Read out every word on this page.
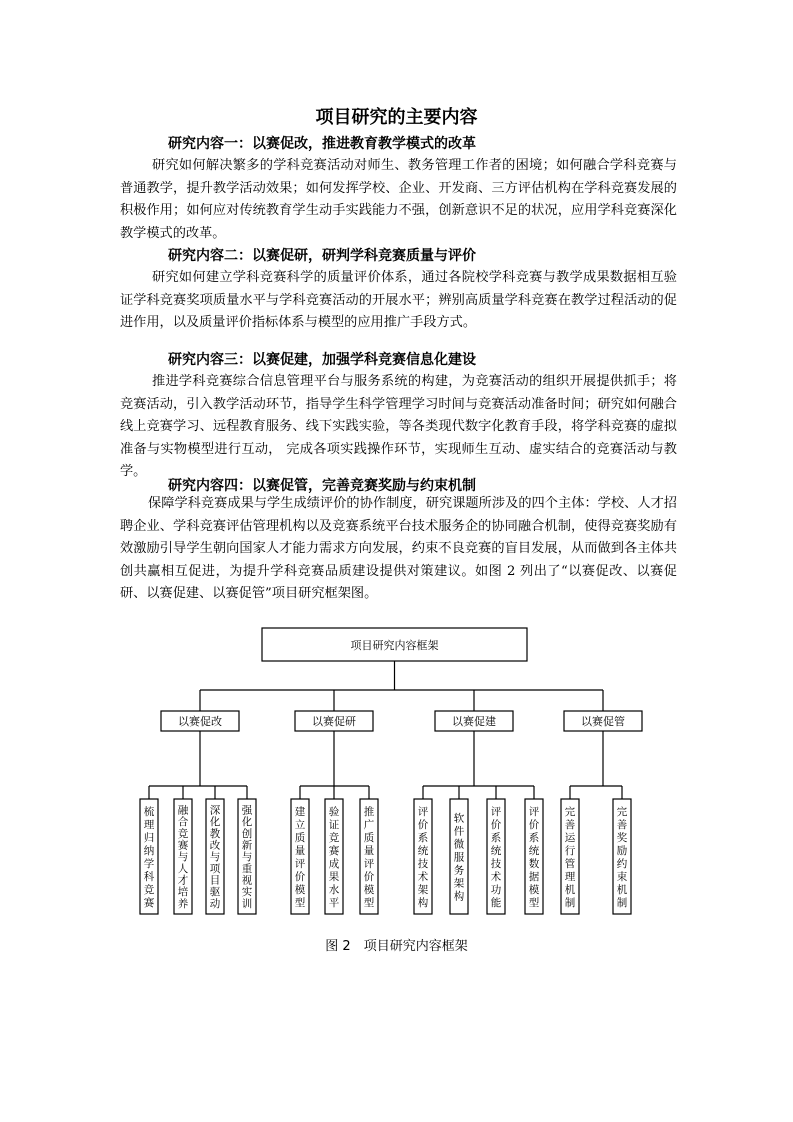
项目研究的主要内容
研究内容一：以赛促改，推进教育教学模式的改革

研究如何解决繁多的学科竞赛活动对师生、教务管理工作者的困境；如何融合学科竞赛与普通教学，提升教学活动效果；如何发挥学校、企业、开发商、三方评估机构在学科竞赛发展的积极作用；如何应对传统教育学生动手实践能力不强，创新意识不足的状况，应用学科竞赛深化教学模式的改革。

研究内容二：以赛促研，研判学科竞赛质量与评价

研究如何建立学科竞赛科学的质量评价体系，通过各院校学科竞赛与教学成果数据相互验证学科竞赛奖项质量水平与学科竞赛活动的开展水平；辨别高质量学科竞赛在教学过程活动的促进作用，以及质量评价指标体系与模型的应用推广手段方式。

研究内容三：以赛促建，加强学科竞赛信息化建设

推进学科竞赛综合信息管理平台与服务系统的构建，为竞赛活动的组织开展提供抓手；将竞赛活动，引入教学活动环节，指导学生科学管理学习时间与竞赛活动准备时间；研究如何融合线上竞赛学习、远程教育服务、线下实践实验，等各类现代数字化教育手段，将学科竞赛的虚拟准备与实物模型进行互动， 完成各项实践操作环节，实现师生互动、虚实结合的竞赛活动与教学。

研究内容四：以赛促管，完善竞赛奖励与约束机制

保障学科竞赛成果与学生成绩评价的协作制度，研究课题所涉及的四个主体：学校、人才招聘企业、学科竞赛评估管理机构以及竞赛系统平台技术服务企的协同融合机制，使得竞赛奖励有效激励引导学生朝向国家人才能力需求方向发展，约束不良竞赛的盲目发展，从而做到各主体共创共赢相互促进，为提升学科竞赛品质建设提供对策建议。如图 2 列出了“以赛促改、以赛促研、以赛促建、以赛促管”项目研究框架图。

项目研究内容框架
以赛促改
梳理归纳学科竞赛
融合竞赛与人才培养
深化教改与项目驱动
强化创新与重视实训
以赛促研
建立质量评价模型
验证竞赛成果水平
推广质量评价模型
以赛促建
评价系统技术架构
软件微服务架构
评价系统技术功能
评价系统数据模型
以赛促管
完善运行管理机制
完善奖励约束机制
图 2　项目研究内容框架
